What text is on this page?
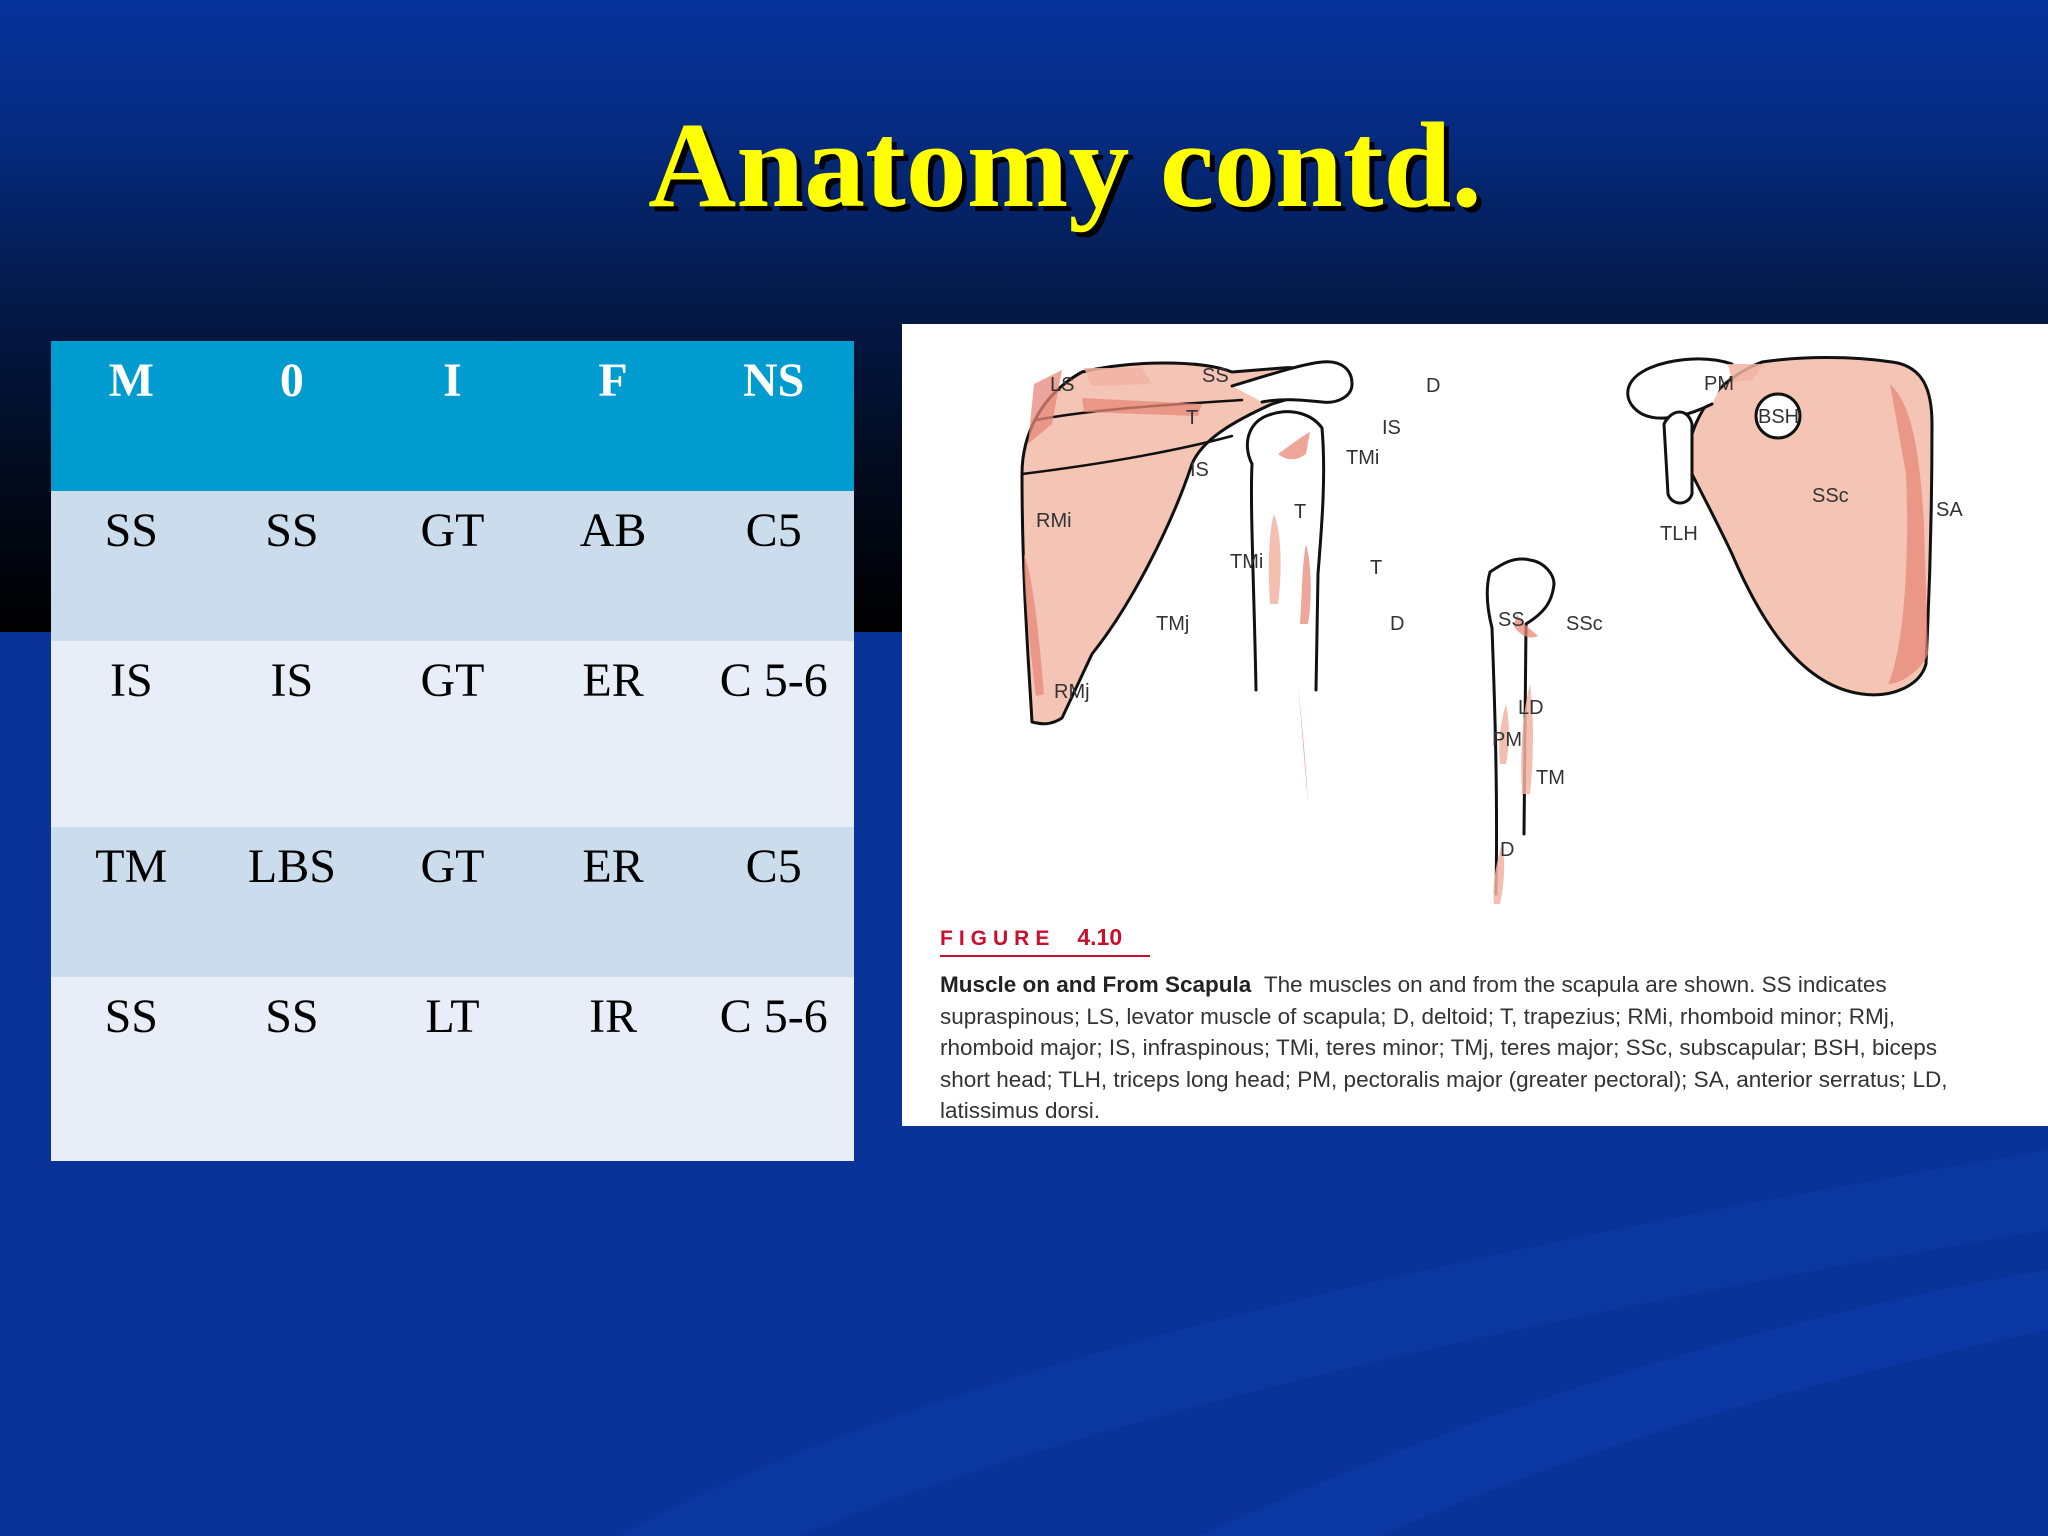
Anatomy contd.
M	0	I	F	NS
SS	SS	GT	AB	C5
IS	IS	GT	ER	C 5-6
TM	LBS	GT	ER	C5
SS	SS	LT	IR	C 5-6
LS	SS	D
T
IS
IS
TMi
RMi	T
TMi	T
TMj	D
RMj
SS SSc
LD
PM
TM
D
PM
BSH
SSc
SA
TLH
FIGURE 4.10
Muscle on and From Scapula The muscles on and from the scapula are shown. SS indicates
supraspinous; LS, levator muscle of scapula; D, deltoid; T, trapezius; RMi, rhomboid minor; RMj,
rhomboid major; IS, infraspinous; TMi, teres minor; TMj, teres major; SSc, subscapular; BSH, biceps
short head; TLH, triceps long head; PM, pectoralis major (greater pectoral); SA, anterior serratus; LD,
latissimus dorsi.
